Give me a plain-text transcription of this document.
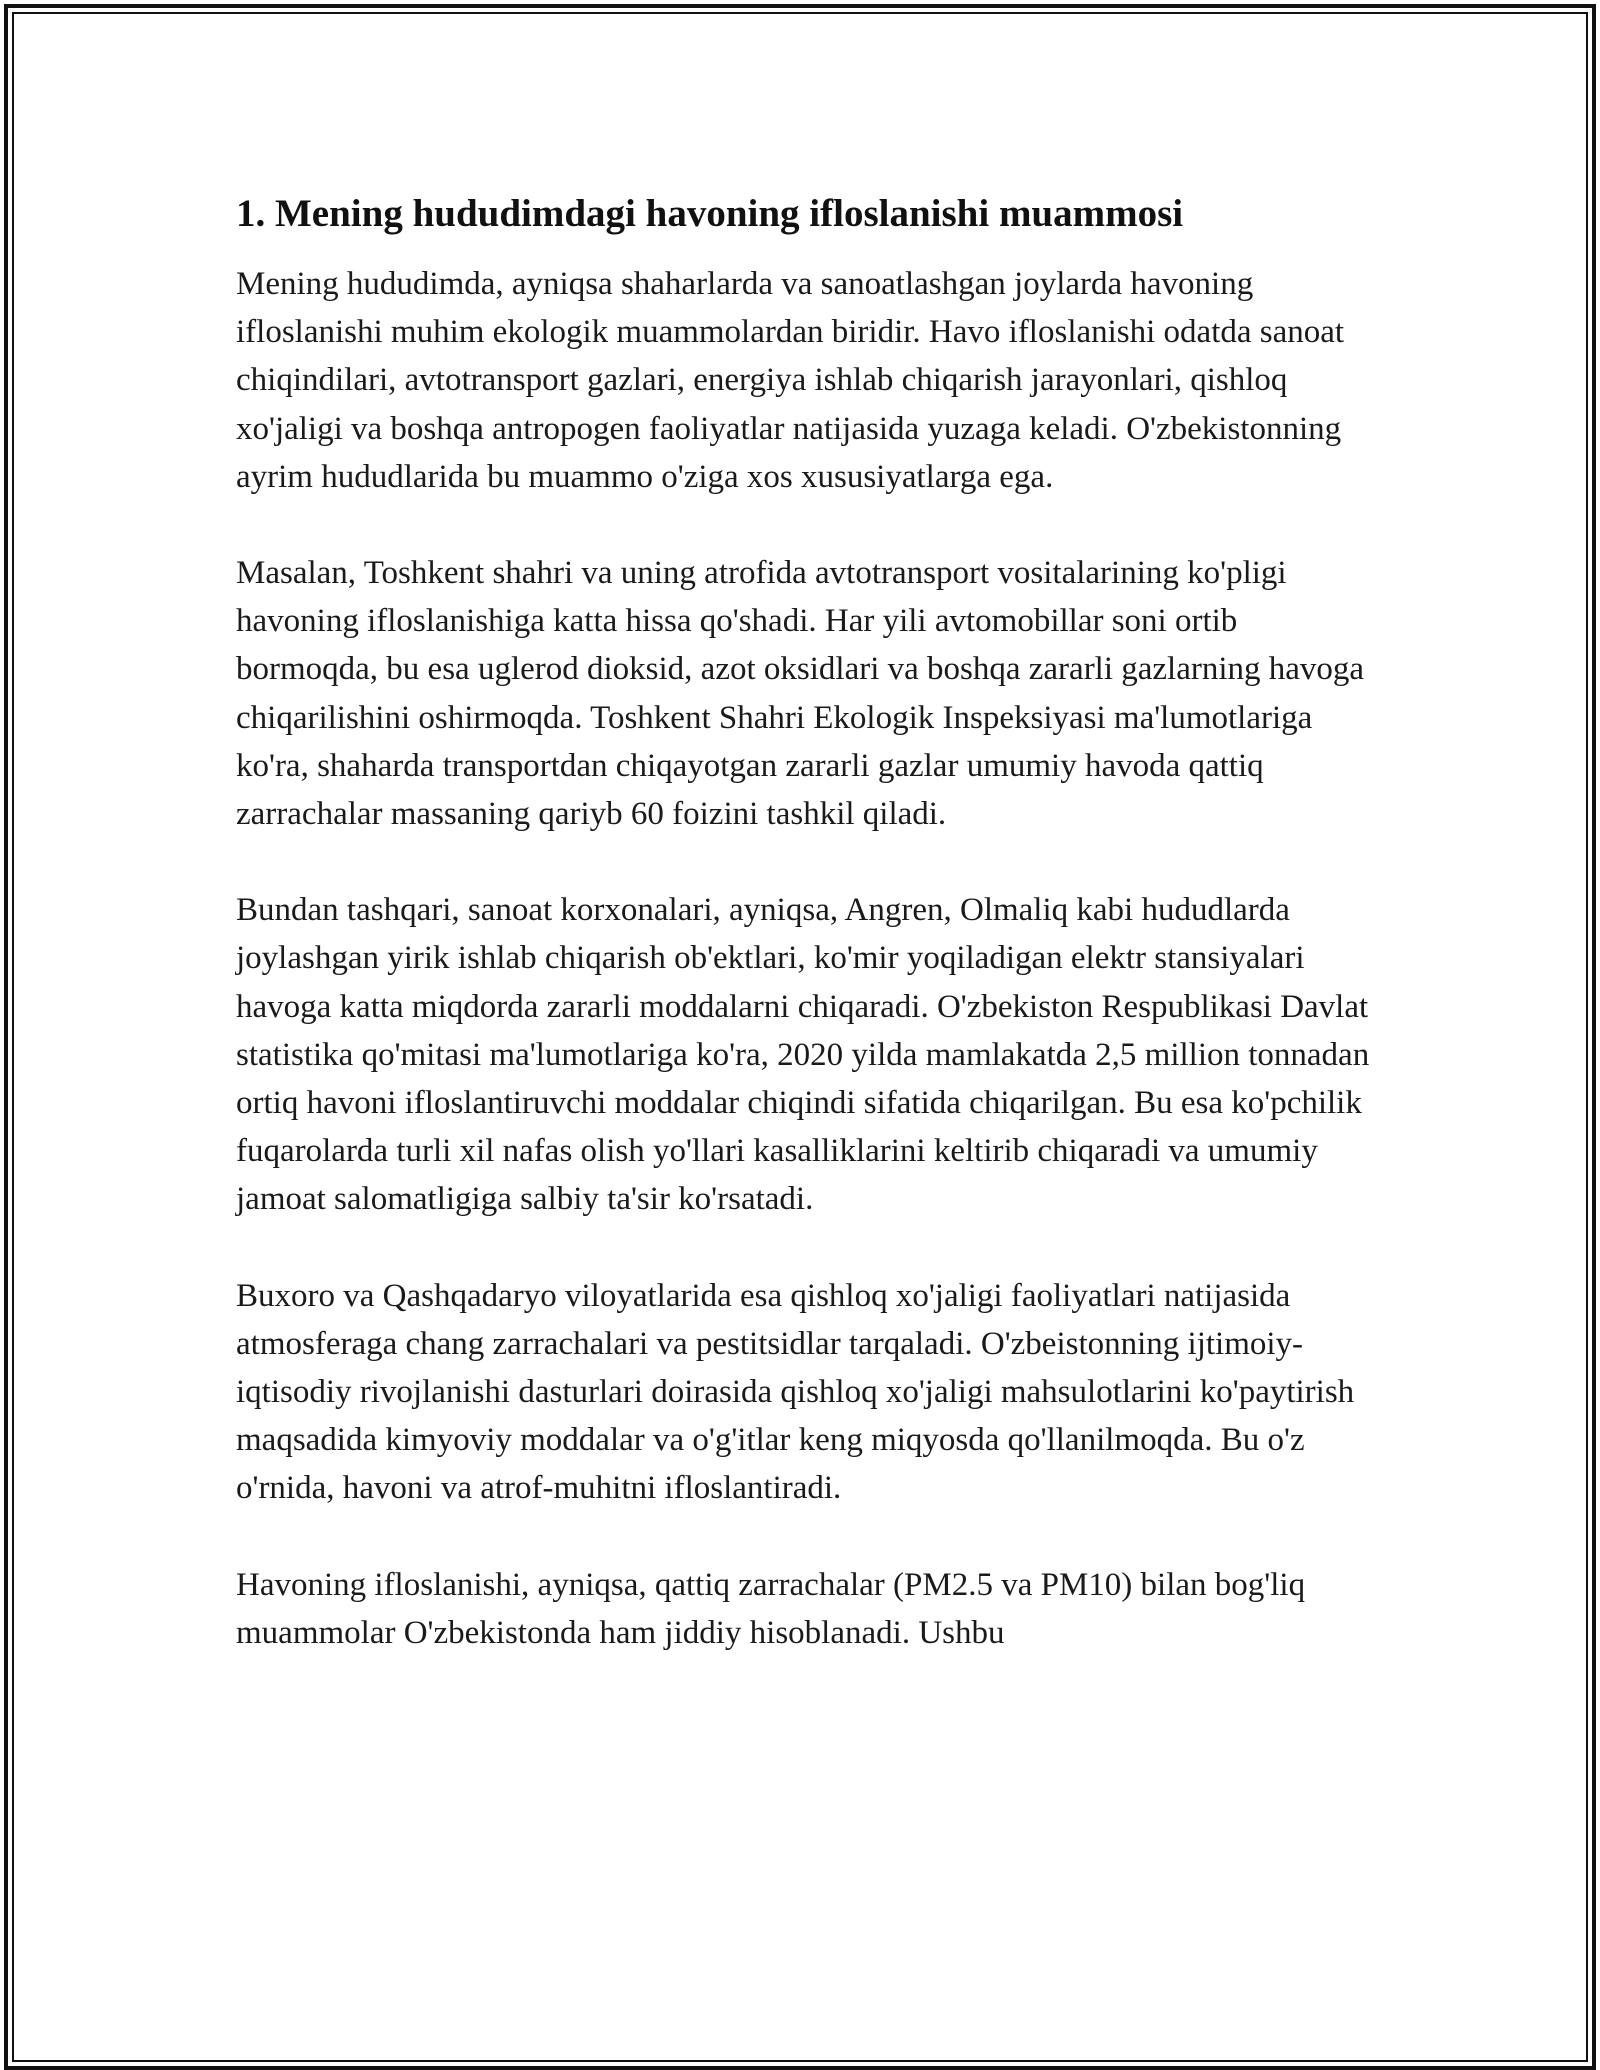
1. Mening hududimdagi havoning ifloslanishi muammosi

Mening hududimda, ayniqsa shaharlarda va sanoatlashgan joylarda havoning ifloslanishi muhim ekologik muammolardan biridir. Havo ifloslanishi odatda sanoat chiqindilari, avtotransport gazlari, energiya ishlab chiqarish jarayonlari, qishloq xo'jaligi va boshqa antropogen faoliyatlar natijasida yuzaga keladi. O'zbekistonning ayrim hududlarida bu muammo o'ziga xos xususiyatlarga ega.

Masalan, Toshkent shahri va uning atrofida avtotransport vositalarining ko'pligi havoning ifloslanishiga katta hissa qo'shadi. Har yili avtomobillar soni ortib bormoqda, bu esa uglerod dioksid, azot oksidlari va boshqa zararli gazlarning havoga chiqarilishini oshirmoqda. Toshkent Shahri Ekologik Inspeksiyasi ma'lumotlariga ko'ra, shaharda transportdan chiqayotgan zararli gazlar umumiy havoda qattiq zarrachalar massaning qariyb 60 foizini tashkil qiladi.

Bundan tashqari, sanoat korxonalari, ayniqsa, Angren, Olmaliq kabi hududlarda joylashgan yirik ishlab chiqarish ob'ektlari, ko'mir yoqiladigan elektr stansiyalari havoga katta miqdorda zararli moddalarni chiqaradi. O'zbekiston Respublikasi Davlat statistika qo'mitasi ma'lumotlariga ko'ra, 2020 yilda mamlakatda 2,5 million tonnadan ortiq havoni ifloslantiruvchi moddalar chiqindi sifatida chiqarilgan. Bu esa ko'pchilik fuqarolarda turli xil nafas olish yo'llari kasalliklarini keltirib chiqaradi va umumiy jamoat salomatligiga salbiy ta'sir ko'rsatadi.

Buxoro va Qashqadaryo viloyatlarida esa qishloq xo'jaligi faoliyatlari natijasida atmosferaga chang zarrachalari va pestitsidlar tarqaladi. O'zbeistonning ijtimoiy-iqtisodiy rivojlanishi dasturlari doirasida qishloq xo'jaligi mahsulotlarini ko'paytirish maqsadida kimyoviy moddalar va o'g'itlar keng miqyosda qo'llanilmoqda. Bu o'z o'rnida, havoni va atrof-muhitni ifloslantiradi.

Havoning ifloslanishi, ayniqsa, qattiq zarrachalar (PM2.5 va PM10) bilan bog'liq muammolar O'zbekistonda ham jiddiy hisoblanadi. Ushbu
